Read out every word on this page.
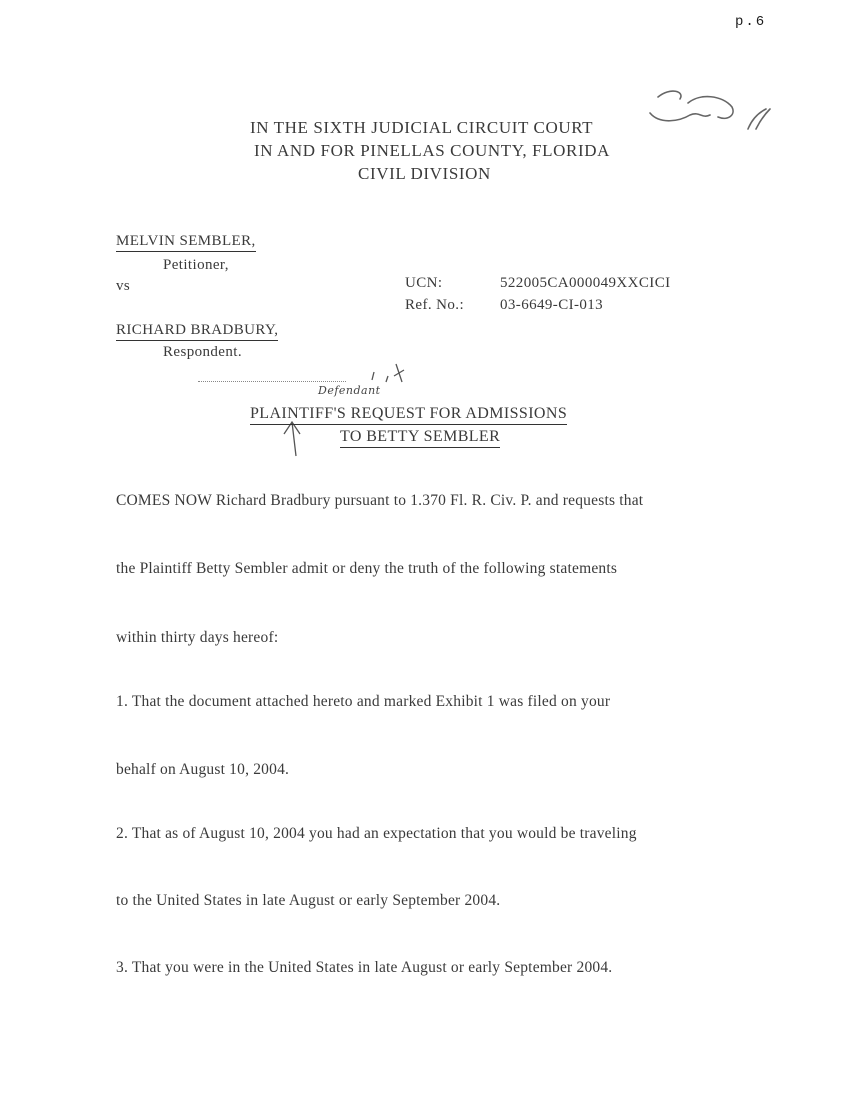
p.6
IN THE SIXTH JUDICIAL CIRCUIT COURT
IN AND FOR PINELLAS COUNTY, FLORIDA
CIVIL DIVISION
MELVIN SEMBLER,
Petitioner,
vs	UCN:	522005CA000049XXCICI
Ref. No.: 03-6649-CI-013
RICHARD BRADBURY,
Respondent.
Defendant
PLAINTIFF'S REQUEST FOR ADMISSIONS
TO BETTY SEMBLER
COMES NOW Richard Bradbury pursuant to 1.370 Fl. R. Civ. P. and requests that
the Plaintiff Betty Sembler admit or deny the truth of the following statements
within thirty days hereof:
1. That the document attached hereto and marked Exhibit 1 was filed on your
behalf on August 10, 2004.
2. That as of August 10, 2004 you had an expectation that you would be traveling
to the United States in late August or early September 2004.
3. That you were in the United States in late August or early September 2004.
